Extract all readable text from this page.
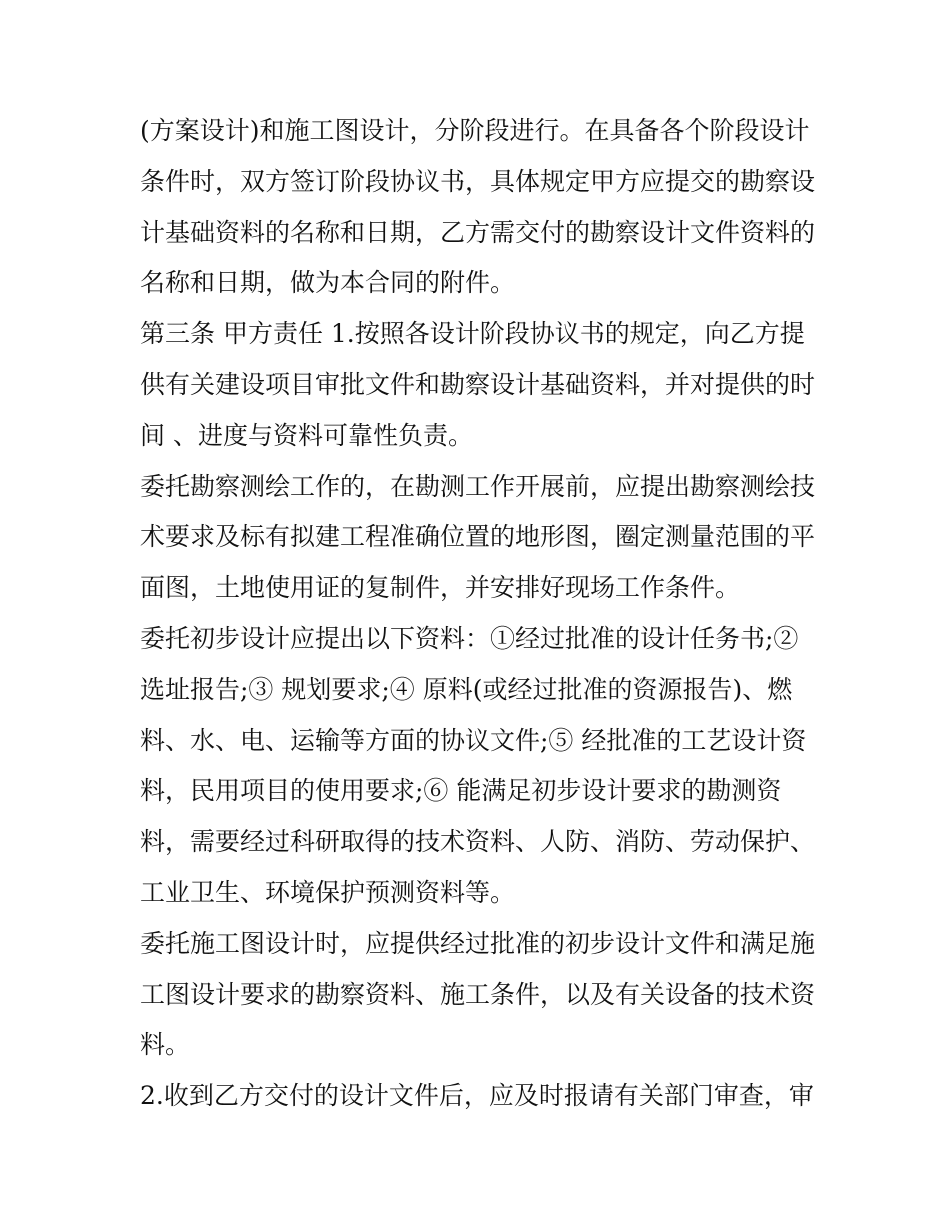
(方案设计)和施工图设计，分阶段进行。在具备各个阶段设计
条件时，双方签订阶段协议书，具体规定甲方应提交的勘察设
计基础资料的名称和日期，乙方需交付的勘察设计文件资料的
名称和日期，做为本合同的附件。
第三条 甲方责任 1.按照各设计阶段协议书的规定，向乙方提
供有关建设项目审批文件和勘察设计基础资料，并对提供的时
间 、进度与资料可靠性负责。
委托勘察测绘工作的，在勘测工作开展前，应提出勘察测绘技
术要求及标有拟建工程准确位置的地形图，圈定测量范围的平
面图，土地使用证的复制件，并安排好现场工作条件。
委托初步设计应提出以下资料：①经过批准的设计任务书;②
选址报告;③ 规划要求;④ 原料(或经过批准的资源报告)、燃
料、水、电、运输等方面的协议文件;⑤ 经批准的工艺设计资
料，民用项目的使用要求;⑥ 能满足初步设计要求的勘测资
料，需要经过科研取得的技术资料、人防、消防、劳动保护、
工业卫生、环境保护预测资料等。
委托施工图设计时，应提供经过批准的初步设计文件和满足施
工图设计要求的勘察资料、施工条件，以及有关设备的技术资
料。
2.收到乙方交付的设计文件后，应及时报请有关部门审查，审
